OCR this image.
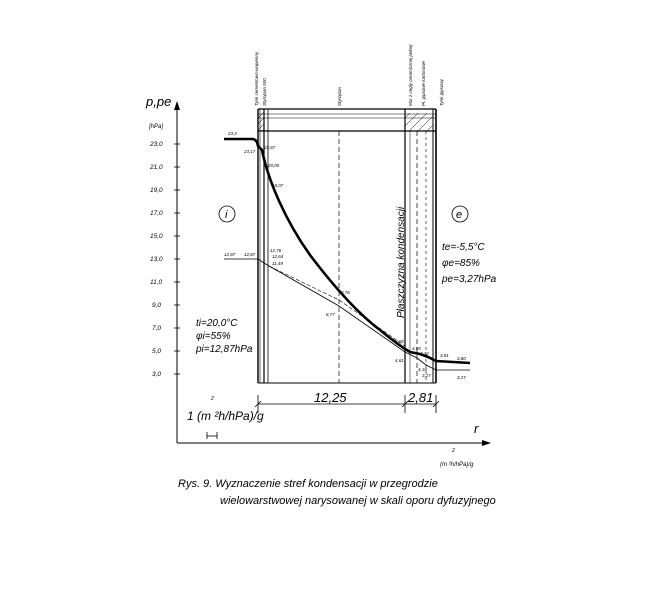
23,0
21,0
19,0
17,0
15,0
13,0
11,0
9,0
7,0
5,0
3,0
p,pe
[hPa]
r
2
(m ²h/hPa)/g
2
1 (m ²h/hPa)/g
Tynk cementowo-wapienny Styropian 500	Styropian	Mur z cegły ceramicznej pełnej Pł. gipsowe kartonowe	Tynk gipsowy
Płaszczyzna kondensacji
23,4
23,17
22,87
20,05
18,07
12,87 12,87
12,76
12,64
11,49
9,76
8,77
5,05
4,61
4,55
4,22
4,18
3,27
3,80
3,91
3,27
i	e
ti=20,0°C
φi=55%
pi=12,87hPa
te=-5,5°C
φe=85%
pe=3,27hPa
12,25	2,81
Rys. 9. Wyznaczenie stref kondensacji w przegrodzie
wielowarstwowej narysowanej w skali oporu dyfuzyjnego
